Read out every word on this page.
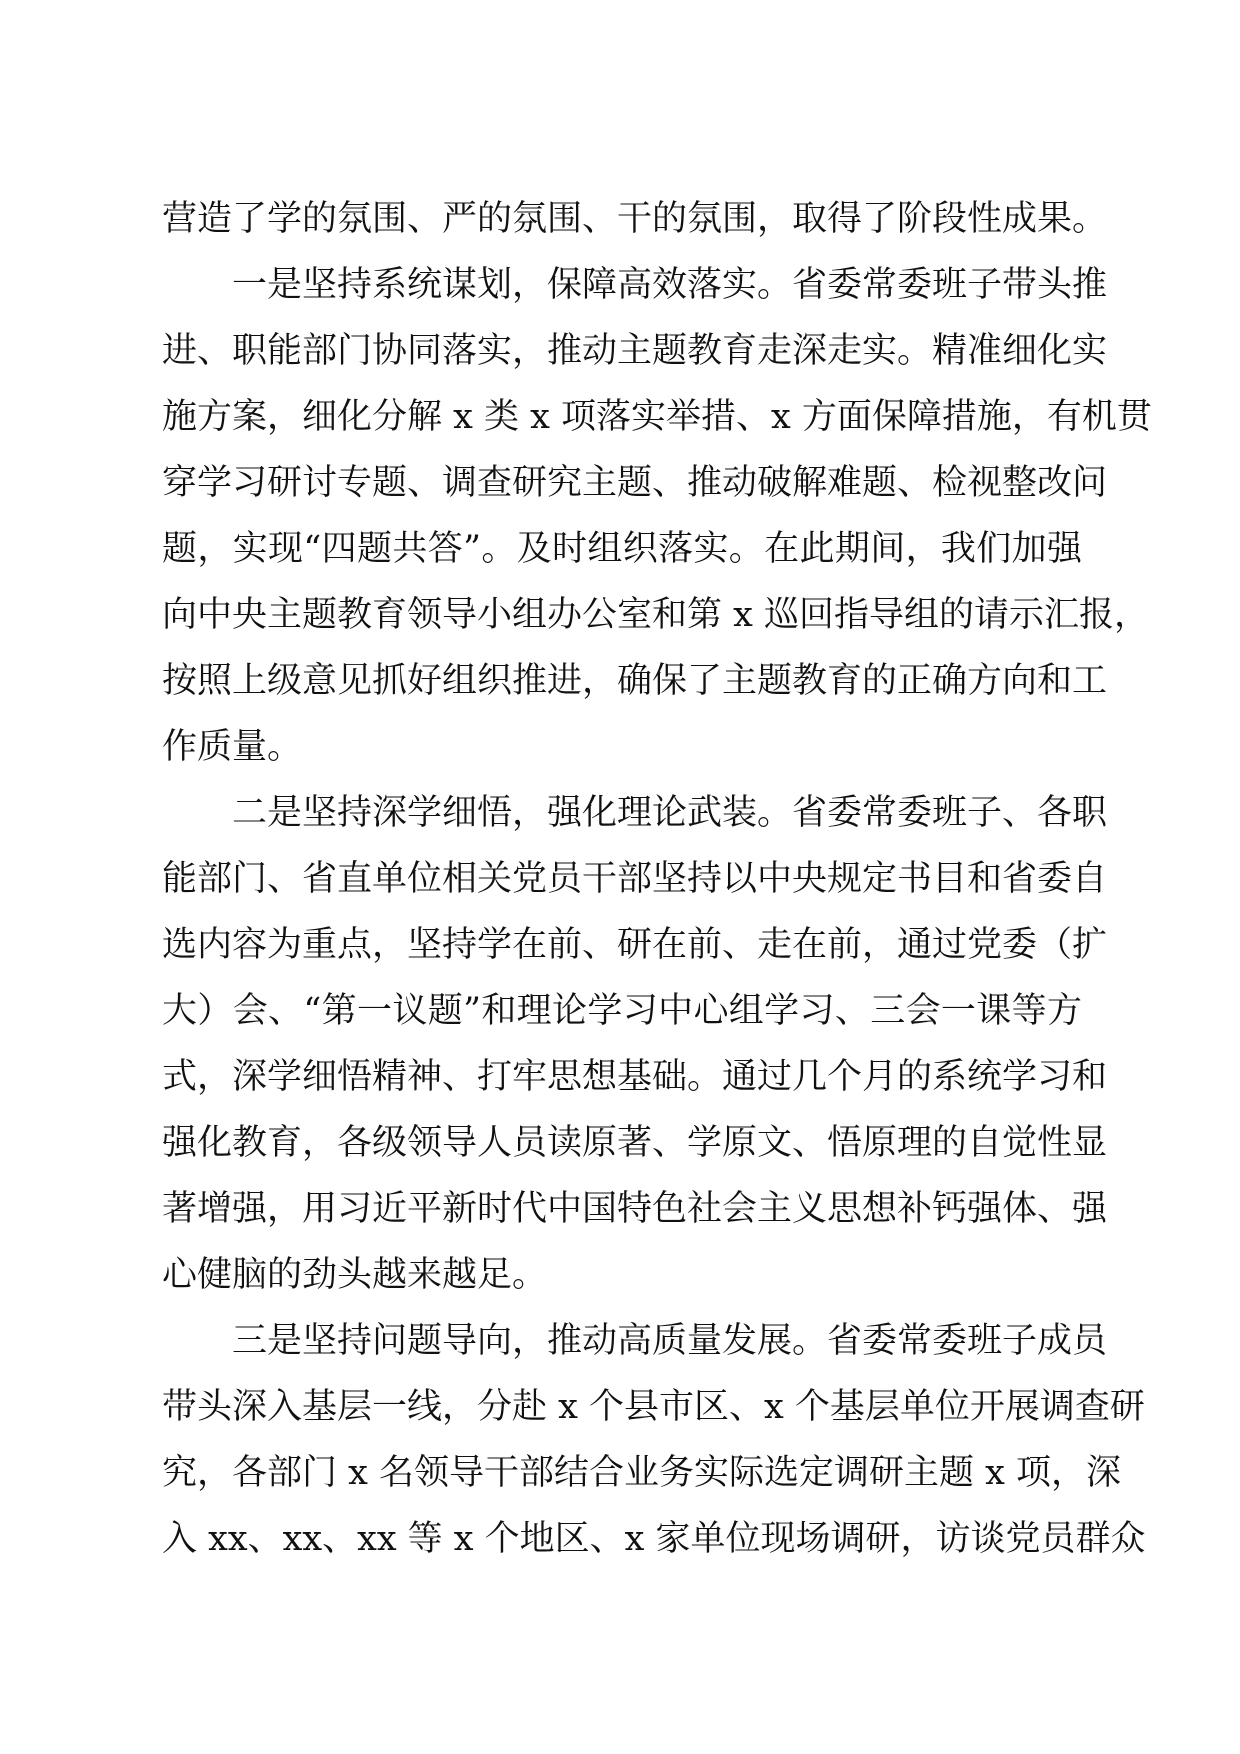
营造了学的氛围、严的氛围、干的氛围，取得了阶段性成果。
一是坚持系统谋划，保障高效落实。省委常委班子带头推
进、职能部门协同落实，推动主题教育走深走实。精准细化实
施方案，细化分解 x 类 x 项落实举措、x 方面保障措施，有机贯
穿学习研讨专题、调查研究主题、推动破解难题、检视整改问
题，实现“四题共答”。及时组织落实。在此期间，我们加强
向中央主题教育领导小组办公室和第 x 巡回指导组的请示汇报，
按照上级意见抓好组织推进，确保了主题教育的正确方向和工
作质量。
二是坚持深学细悟，强化理论武装。省委常委班子、各职
能部门、省直单位相关党员干部坚持以中央规定书目和省委自
选内容为重点，坚持学在前、研在前、走在前，通过党委（扩
大）会、“第一议题”和理论学习中心组学习、三会一课等方
式，深学细悟精神、打牢思想基础。通过几个月的系统学习和
强化教育，各级领导人员读原著、学原文、悟原理的自觉性显
著增强，用习近平新时代中国特色社会主义思想补钙强体、强
心健脑的劲头越来越足。
三是坚持问题导向，推动高质量发展。省委常委班子成员
带头深入基层一线，分赴 x 个县市区、x 个基层单位开展调查研
究，各部门 x 名领导干部结合业务实际选定调研主题 x 项，深
入 xx、xx、xx 等 x 个地区、x 家单位现场调研，访谈党员群众
